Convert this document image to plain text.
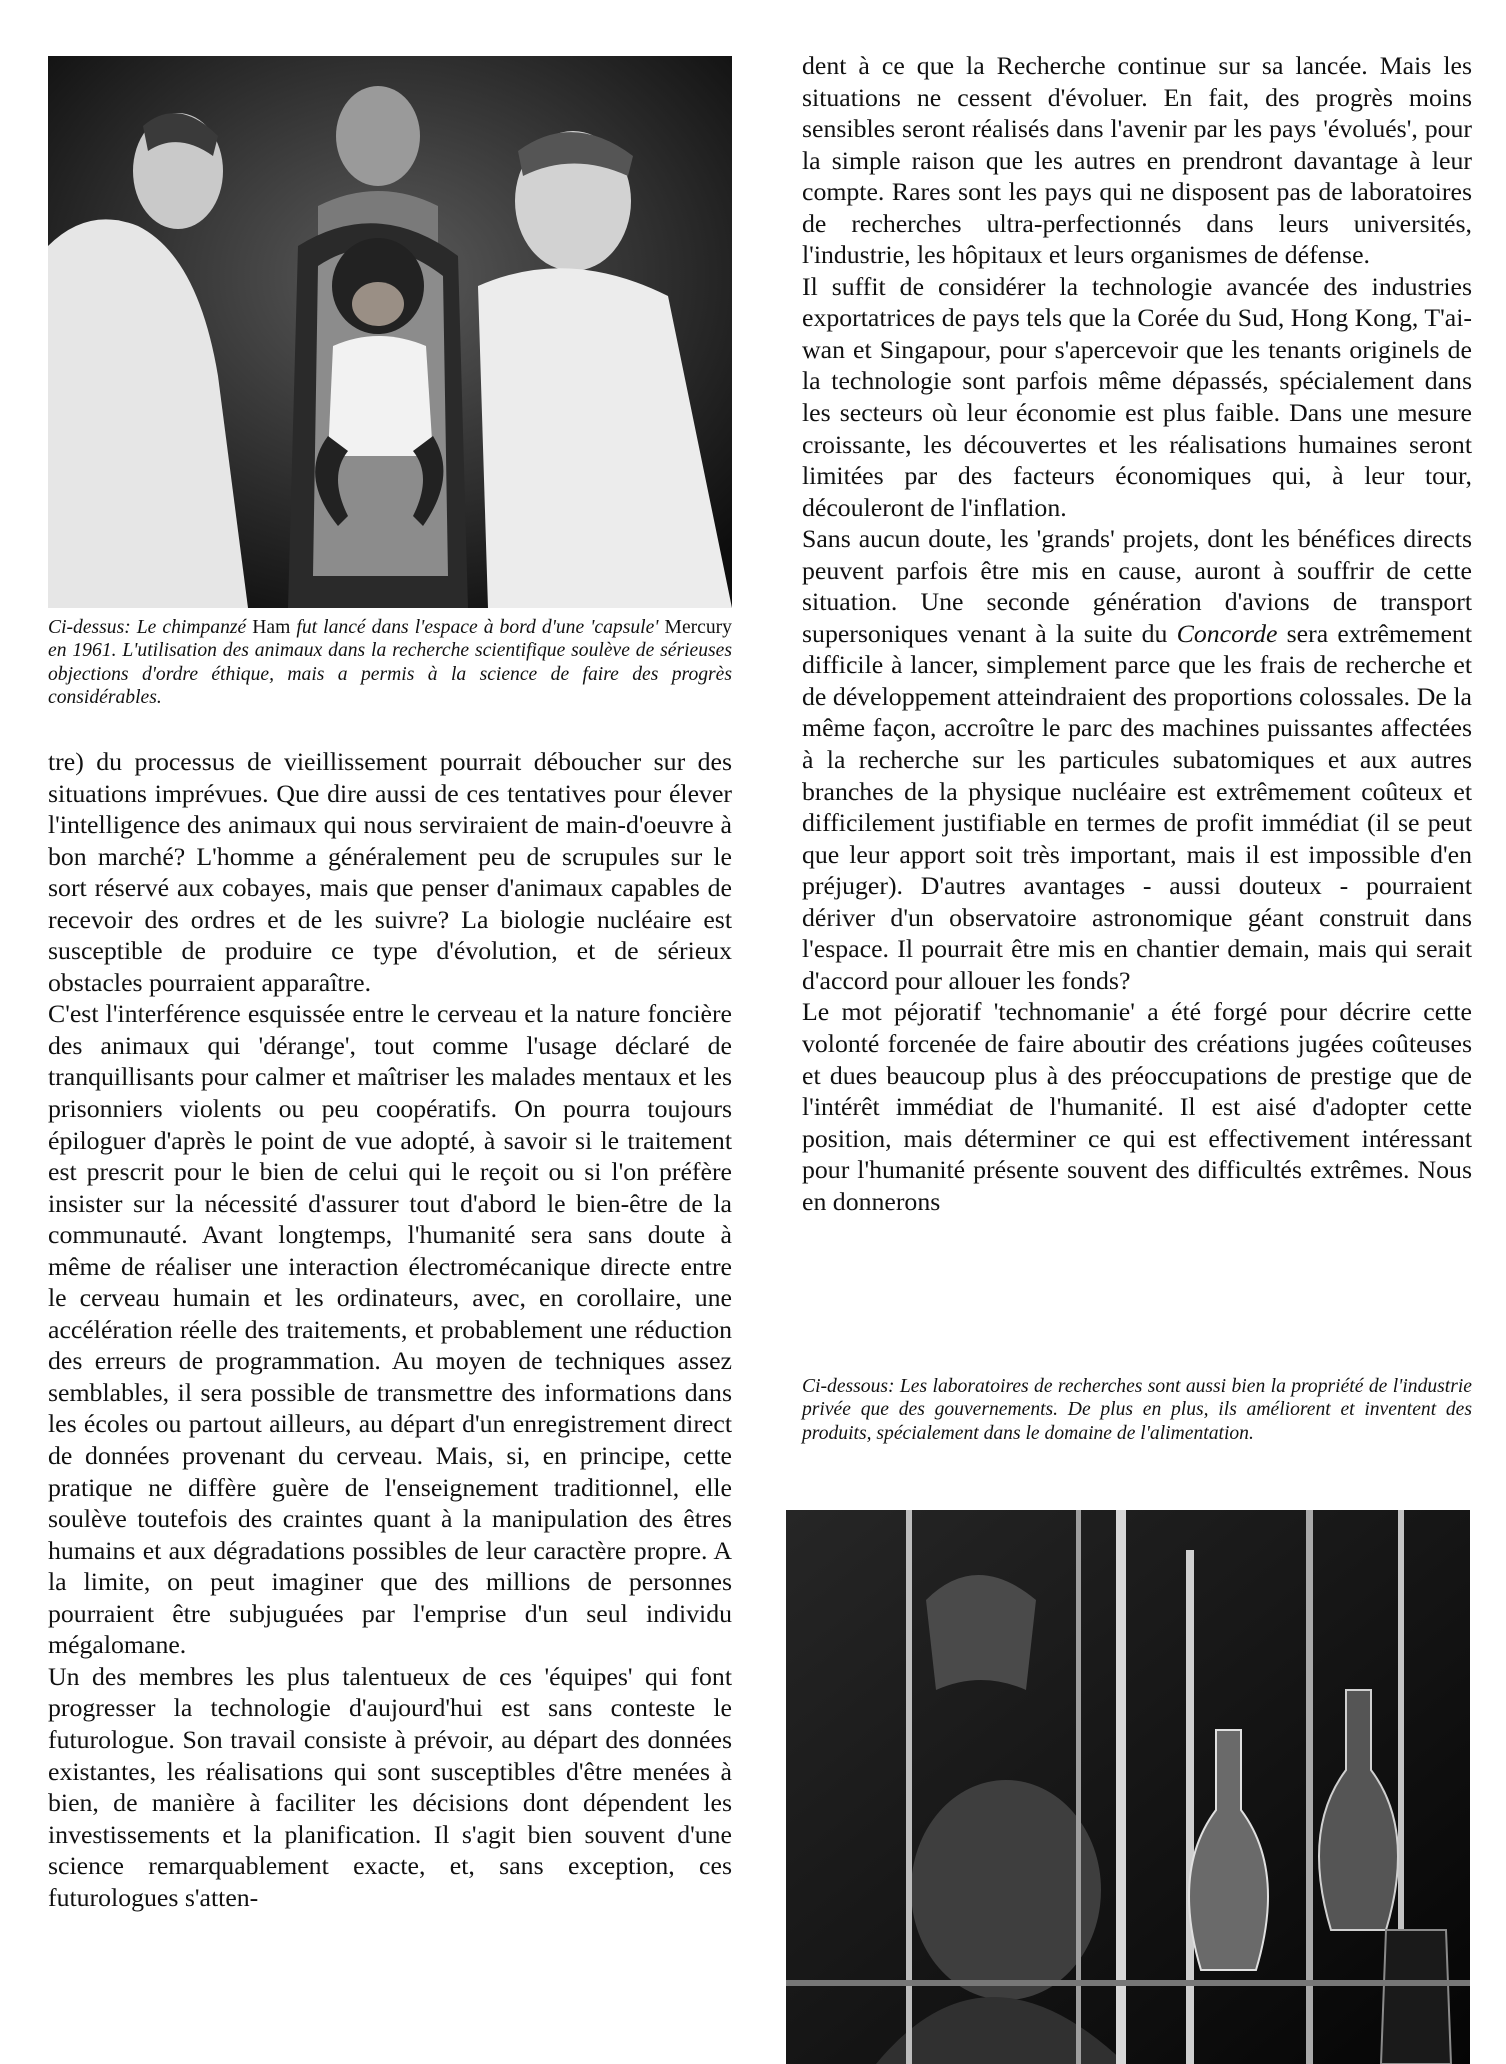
Ci-dessus: Le chimpanzé Ham fut lancé dans l'espace à bord d'une 'capsule' Mercury en 1961. L'utilisation des animaux dans la recherche scientifique soulève de sérieuses objections d'ordre éthique, mais a permis à la science de faire des progrès considérables.

tre) du processus de vieillissement pourrait déboucher sur des situations imprévues. Que dire aussi de ces tentatives pour élever l'intelligence des animaux qui nous serviraient de main-d'oeuvre à bon marché? L'homme a généralement peu de scrupules sur le sort réservé aux cobayes, mais que penser d'animaux capables de recevoir des ordres et de les suivre? La biologie nucléaire est susceptible de produire ce type d'évolution, et de sérieux obstacles pourraient apparaître.

C'est l'interférence esquissée entre le cerveau et la nature foncière des animaux qui 'dérange', tout comme l'usage déclaré de tranquillisants pour calmer et maîtriser les malades mentaux et les prisonniers violents ou peu coopératifs. On pourra toujours épiloguer d'après le point de vue adopté, à savoir si le traitement est prescrit pour le bien de celui qui le reçoit ou si l'on préfère insister sur la nécessité d'assurer tout d'abord le bien-être de la communauté. Avant longtemps, l'humanité sera sans doute à même de réaliser une interaction électromécanique directe entre le cerveau humain et les ordinateurs, avec, en corollaire, une accélération réelle des traitements, et probablement une réduction des erreurs de programmation. Au moyen de techniques assez semblables, il sera possible de transmettre des informations dans les écoles ou partout ailleurs, au départ d'un enregistrement direct de données provenant du cerveau. Mais, si, en principe, cette pratique ne diffère guère de l'enseignement traditionnel, elle soulève toutefois des craintes quant à la manipulation des êtres humains et aux dégradations possibles de leur caractère propre. A la limite, on peut imaginer que des millions de personnes pourraient être subjuguées par l'emprise d'un seul individu mégalomane.

Un des membres les plus talentueux de ces 'équipes' qui font progresser la technologie d'aujourd'hui est sans conteste le futurologue. Son travail consiste à prévoir, au départ des données existantes, les réalisations qui sont susceptibles d'être menées à bien, de manière à faciliter les décisions dont dépendent les investissements et la planification. Il s'agit bien souvent d'une science remarquablement exacte, et, sans exception, ces futurologues s'atten-

dent à ce que la Recherche continue sur sa lancée. Mais les situations ne cessent d'évoluer. En fait, des progrès moins sensibles seront réalisés dans l'avenir par les pays 'évolués', pour la simple raison que les autres en prendront davantage à leur compte. Rares sont les pays qui ne disposent pas de laboratoires de recherches ultra-perfectionnés dans leurs universités, l'industrie, les hôpitaux et leurs organismes de défense.

Il suffit de considérer la technologie avancée des industries exportatrices de pays tels que la Corée du Sud, Hong Kong, T'ai-wan et Singapour, pour s'apercevoir que les tenants originels de la technologie sont parfois même dépassés, spécialement dans les secteurs où leur économie est plus faible. Dans une mesure croissante, les découvertes et les réalisations humaines seront limitées par des facteurs économiques qui, à leur tour, découleront de l'inflation.

Sans aucun doute, les 'grands' projets, dont les bénéfices directs peuvent parfois être mis en cause, auront à souffrir de cette situation. Une seconde génération d'avions de transport supersoniques venant à la suite du Concorde sera extrêmement difficile à lancer, simplement parce que les frais de recherche et de développement atteindraient des proportions colossales. De la même façon, accroître le parc des machines puissantes affectées à la recherche sur les particules subatomiques et aux autres branches de la physique nucléaire est extrêmement coûteux et difficilement justifiable en termes de profit immédiat (il se peut que leur apport soit très important, mais il est impossible d'en préjuger). D'autres avantages - aussi douteux - pourraient dériver d'un observatoire astronomique géant construit dans l'espace. Il pourrait être mis en chantier demain, mais qui serait d'accord pour allouer les fonds?

Le mot péjoratif 'technomanie' a été forgé pour décrire cette volonté forcenée de faire aboutir des créations jugées coûteuses et dues beaucoup plus à des préoccupations de prestige que de l'intérêt immédiat de l'humanité. Il est aisé d'adopter cette position, mais déterminer ce qui est effectivement intéressant pour l'humanité présente souvent des difficultés extrêmes. Nous en donnerons

Ci-dessous: Les laboratoires de recherches sont aussi bien la propriété de l'industrie privée que des gouvernements. De plus en plus, ils améliorent et inventent des produits, spécialement dans le domaine de l'alimentation.
